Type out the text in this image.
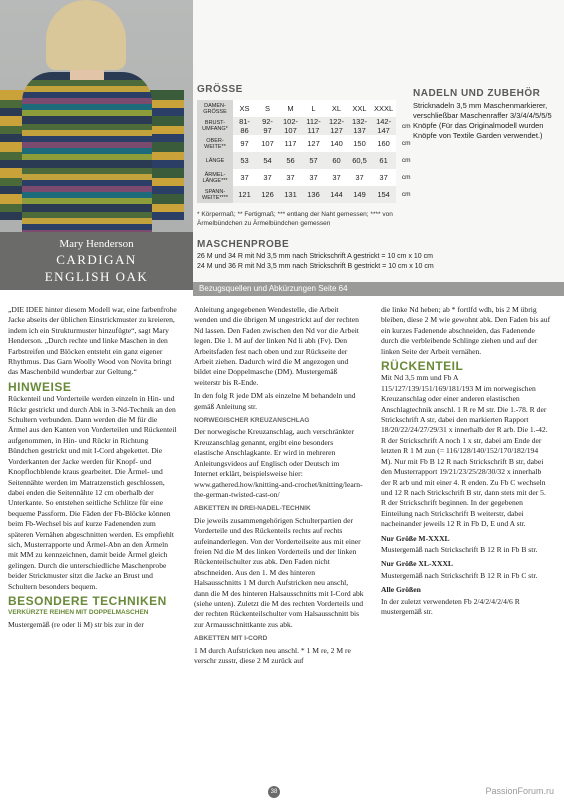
Mary Henderson
CARDIGAN
ENGLISH OAK
GRÖSSE
DAMEN-GRÖSSE	XS	S	M	L	XL	XXL	XXXL	
BRUST-UMFANG*	81-86	92-97	102-107	112-117	122-127	132-137	142-147	cm
OBER-WEITE**	97	107	117	127	140	150	160	cm
LÄNGE	53	54	56	57	60	60,5	61	cm
ÄRMEL-LÄNGE***	37	37	37	37	37	37	37	cm
SPANN-WEITE****	121	126	131	136	144	149	154	cm
* Körpermaß; ** Fertigmaß; *** entlang der Naht gemessen; **** von Ärmelbündchen zu Ärmelbündchen gemessen
MASCHENPROBE
26 M und 34 R mit Nd 3,5 mm nach Strickschrift A gestrickt = 10 cm x 10 cm
24 M und 36 R mit Nd 3,5 mm nach Strickschrift B gestrickt = 10 cm x 10 cm
NADELN UND ZUBEHÖR
Stricknadeln 3,5 mm Maschenmarkierer, verschließbar Maschenraffer 3/3/4/4/5/5/5 Knöpfe (Für das Originalmodell wurden Knöpfe von Textile Garden verwendet.)
Bezugsquellen und Abkürzungen Seite 64

„DIE IDEE hinter diesem Modell war, eine farbenfrohe Jacke abseits der üblichen Einstrickmuster zu kreieren, indem ich ein Strukturmuster hinzufügte“, sagt Mary Henderson. „Durch rechte und linke Maschen in den Farbstreifen und Blöcken entsteht ein ganz eigener Rhythmus. Das Garn Woolly Wood von Novita bringt das Maschenbild wunderbar zur Geltung.“

HINWEISE

Rückenteil und Vorderteile werden einzeln in Hin- und Rückr gestrickt und durch Abk in 3-Nd-Technik an den Schultern verbunden. Dann werden die M für die Ärmel aus den Kanten von Vorderteilen und Rückenteil aufgenommen, in Hin- und Rückr in Richtung Bündchen gestrickt und mit I-Cord abgekettet. Die Vorderkanten der Jacke werden für Knopf- und Knopflochblende kraus gearbeitet. Die Ärmel- und Seitennähte werden im Matratzenstich geschlossen, dabei enden die Seitennähte 12 cm oberhalb der Unterkante. So entstehen seitliche Schlitze für eine bequeme Passform. Die Fäden der Fb-Blöcke können beim Fb-Wechsel bis auf kurze Fadenenden zum späteren Vernähen abgeschnitten werden. Es empfiehlt sich, Musterrapporte und Ärmel-Abn an den Ärmeln mit MM zu kennzeichnen, damit beide Ärmel gleich gelingen. Durch die unterschiedliche Maschenprobe beider Strickmuster sitzt die Jacke an Brust und Schultern besonders bequem.

BESONDERE TECHNIKEN
VERKÜRZTE REIHEN MIT DOPPELMASCHEN

Mustergemäß (re oder li M) str bis zur in der

Anleitung angegebenen Wendestelle, die Arbeit wenden und die übrigen M ungestrickt auf der rechten Nd lassen. Den Faden zwischen den Nd vor die Arbeit legen. Die 1. M auf der linken Nd li abh (Fv). Den Arbeitsfaden fest nach oben und zur Rückseite der Arbeit ziehen. Dadurch wird die M angezogen und bildet eine Doppelmasche (DM). Mustergemäß weiterstr bis R-Ende.

In den folg R jede DM als einzelne M behandeln und gemäß Anleitung str.

NORWEGISCHER KREUZANSCHLAG

Der norwegische Kreuzanschlag, auch verschränkter Kreuzanschlag genannt, ergibt eine besonders elastische Anschlagkante. Er wird in mehreren Anleitungsvideos auf Englisch oder Deutsch im Internet erklärt, beispielsweise hier: www.gathered.how/knitting-and-crochet/knitting/learn-the-german-twisted-cast-on/

ABKETTEN IN DREI-NADEL-TECHNIK

Die jeweils zusammengehörigen Schulterpartien der Vorderteile und des Rückenteils rechts auf rechts aufeinanderlegen. Von der Vorderteilseite aus mit einer freien Nd die M des linken Vorderteils und der linken Rückenteilschulter zus abk. Den Faden nicht abschneiden. Aus den 1. M des hinteren Halsausschnitts 1 M durch Aufstricken neu anschl, dann die M des hinteren Halsausschnitts mit I-Cord abk (siehe unten). Zuletzt die M des rechten Vorderteils und der rechten Rückenteilschulter vom Halsausschnitt bis zur Armausschnittkante zus abk.

ABKETTEN MIT I-CORD

1 M durch Aufstricken neu anschl. * 1 M re, 2 M re verschr zusstr, diese 2 M zurück auf

die linke Nd heben; ab * fortlfd wdh, bis 2 M übrig bleiben, diese 2 M wie gewohnt abk. Den Faden bis auf ein kurzes Fadenende abschneiden, das Fadenende durch die verbleibende Schlinge ziehen und auf der linken Seite der Arbeit vernähen.

RÜCKENTEIL

Mit Nd 3,5 mm und Fb A 115/127/139/151/169/181/193 M im norwegischen Kreuzanschlag oder einer anderen elastischen Anschlagtechnik anschl. 1 R re M str. Die 1.-78. R der Strickschrift A str, dabei den markierten Rapport 18/20/22/24/27/29/31 x innerhalb der R arb. Die 1.-42. R der Strickschrift A noch 1 x str, dabei am Ende der letzten R 1 M zun (= 116/128/140/152/170/182/194 M). Nur mit Fb B 12 R nach Strickschrift B str, dabei den Musterrapport 19/21/23/25/28/30/32 x innerhalb der R arb und mit einer 4. R enden. Zu Fb C wechseln und 12 R nach Strickschrift B str, dann stets mit der 5. R der Strickschrift beginnen. In der gegebenen Einteilung nach Strickschrift B weiterstr, dabei nacheinander jeweils 12 R in Fb D, E und A str.

Nur Größe M-XXXL

Mustergemäß nach Strickschrift B 12 R in Fb B str.

Nur Größe XL-XXXL

Mustergemäß nach Strickschrift B 12 R in Fb C str.

Alle Größen

In der zuletzt verwendeten Fb 2/4/2/4/2/4/6 R mustergemäß str.

38	PassionForum.ru
